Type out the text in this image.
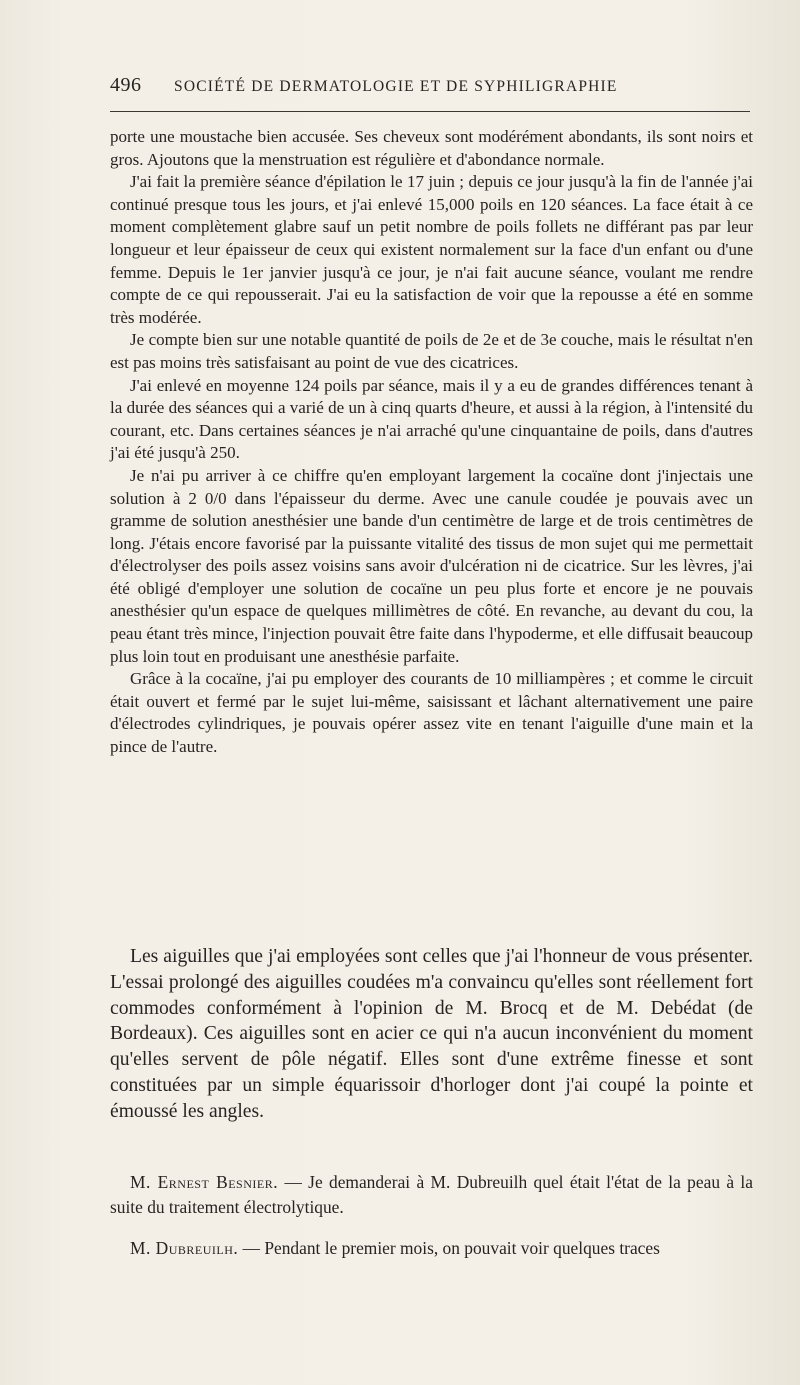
496 SOCIÉTÉ DE DERMATOLOGIE ET DE SYPHILIGRAPHIE

porte une moustache bien accusée. Ses cheveux sont modérément abondants, ils sont noirs et gros. Ajoutons que la menstruation est régulière et d'abondance normale.

J'ai fait la première séance d'épilation le 17 juin ; depuis ce jour jusqu'à la fin de l'année j'ai continué presque tous les jours, et j'ai enlevé 15,000 poils en 120 séances. La face était à ce moment complètement glabre sauf un petit nombre de poils follets ne différant pas par leur longueur et leur épaisseur de ceux qui existent normalement sur la face d'un enfant ou d'une femme. Depuis le 1er janvier jusqu'à ce jour, je n'ai fait aucune séance, voulant me rendre compte de ce qui repousserait. J'ai eu la satisfaction de voir que la repousse a été en somme très modérée.

Je compte bien sur une notable quantité de poils de 2e et de 3e couche, mais le résultat n'en est pas moins très satisfaisant au point de vue des cicatrices.

J'ai enlevé en moyenne 124 poils par séance, mais il y a eu de grandes différences tenant à la durée des séances qui a varié de un à cinq quarts d'heure, et aussi à la région, à l'intensité du courant, etc. Dans certaines séances je n'ai arraché qu'une cinquantaine de poils, dans d'autres j'ai été jusqu'à 250.

Je n'ai pu arriver à ce chiffre qu'en employant largement la cocaïne dont j'injectais une solution à 2 0/0 dans l'épaisseur du derme. Avec une canule coudée je pouvais avec un gramme de solution anesthésier une bande d'un centimètre de large et de trois centimètres de long. J'étais encore favorisé par la puissante vitalité des tissus de mon sujet qui me permettait d'électrolyser des poils assez voisins sans avoir d'ulcération ni de cicatrice. Sur les lèvres, j'ai été obligé d'employer une solution de cocaïne un peu plus forte et encore je ne pouvais anesthésier qu'un espace de quelques millimètres de côté. En revanche, au devant du cou, la peau étant très mince, l'injection pouvait être faite dans l'hypoderme, et elle diffusait beaucoup plus loin tout en produisant une anesthésie parfaite.

Grâce à la cocaïne, j'ai pu employer des courants de 10 milliampères ; et comme le circuit était ouvert et fermé par le sujet lui-même, saisissant et lâchant alternativement une paire d'électrodes cylindriques, je pouvais opérer assez vite en tenant l'aiguille d'une main et la pince de l'autre.

Les aiguilles que j'ai employées sont celles que j'ai l'honneur de vous présenter. L'essai prolongé des aiguilles coudées m'a convaincu qu'elles sont réellement fort commodes conformément à l'opinion de M. Brocq et de M. Debédat (de Bordeaux). Ces aiguilles sont en acier ce qui n'a aucun inconvénient du moment qu'elles servent de pôle négatif. Elles sont d'une extrême finesse et sont constituées par un simple équarissoir d'horloger dont j'ai coupé la pointe et émoussé les angles.

M. Ernest Besnier. — Je demanderai à M. Dubreuilh quel était l'état de la peau à la suite du traitement électrolytique.

M. Dubreuilh. — Pendant le premier mois, on pouvait voir quelques traces
